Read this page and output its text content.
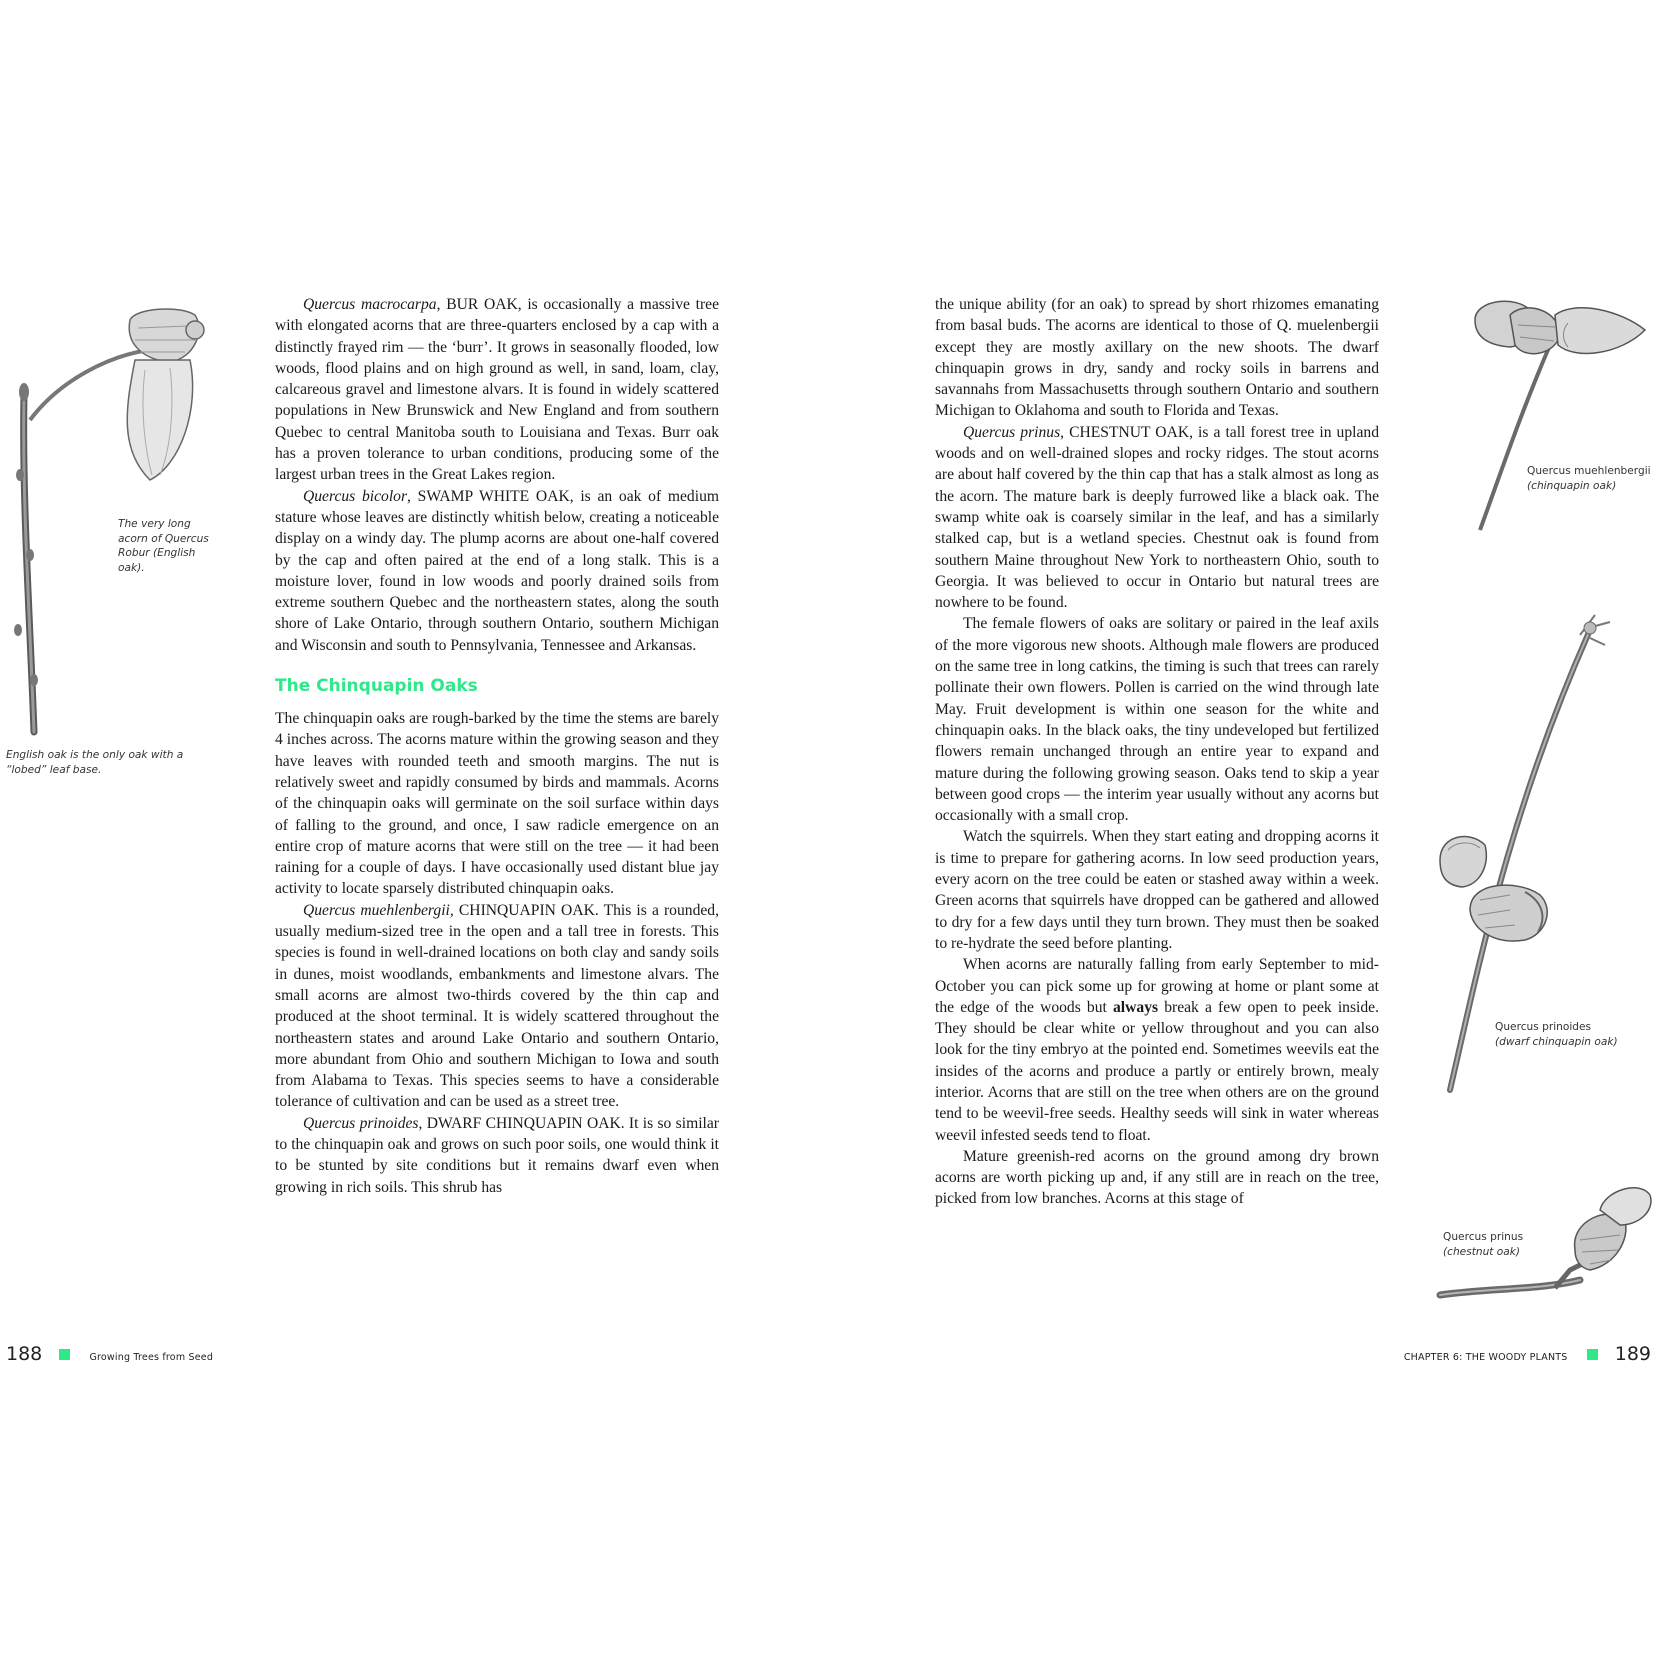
The very long acorn of Quercus Robur (English oak).
English oak is the only oak with a “lobed” leaf base.

Quercus macrocarpa, BUR OAK, is occasionally a massive tree with elongated acorns that are three-quarters enclosed by a cap with a distinctly frayed rim — the ‘burr’. It grows in seasonally flooded, low woods, flood plains and on high ground as well, in sand, loam, clay, calcareous gravel and limestone alvars. It is found in widely scattered populations in New Brunswick and New England and from southern Quebec to central Manitoba south to Louisiana and Texas. Burr oak has a proven tolerance to urban conditions, producing some of the largest urban trees in the Great Lakes region.

Quercus bicolor, SWAMP WHITE OAK, is an oak of medium stature whose leaves are distinctly whitish below, creating a noticeable display on a windy day. The plump acorns are about one-half covered by the cap and often paired at the end of a long stalk. This is a moisture lover, found in low woods and poorly drained soils from extreme southern Quebec and the northeastern states, along the south shore of Lake Ontario, through southern Ontario, southern Michigan and Wisconsin and south to Pennsylvania, Tennessee and Arkansas.

The Chinquapin Oaks

The chinquapin oaks are rough-barked by the time the stems are barely 4 inches across. The acorns mature within the growing season and they have leaves with rounded teeth and smooth margins. The nut is relatively sweet and rapidly consumed by birds and mammals. Acorns of the chinquapin oaks will germinate on the soil surface within days of falling to the ground, and once, I saw radicle emergence on an entire crop of mature acorns that were still on the tree — it had been raining for a couple of days. I have occasionally used distant blue jay activity to locate sparsely distributed chinquapin oaks.

Quercus muehlenbergii, CHINQUAPIN OAK. This is a rounded, usually medium-sized tree in the open and a tall tree in forests. This species is found in well-drained locations on both clay and sandy soils in dunes, moist woodlands, embankments and limestone alvars. The small acorns are almost two-thirds covered by the thin cap and produced at the shoot terminal. It is widely scattered throughout the northeastern states and around Lake Ontario and southern Ontario, more abundant from Ohio and southern Michigan to Iowa and south from Alabama to Texas. This species seems to have a considerable tolerance of cultivation and can be used as a street tree.

Quercus prinoides, DWARF CHINQUAPIN OAK. It is so similar to the chinquapin oak and grows on such poor soils, one would think it to be stunted by site conditions but it remains dwarf even when growing in rich soils. This shrub has

188	Growing Trees from Seed

the unique ability (for an oak) to spread by short rhizomes emanating from basal buds. The acorns are identical to those of Q. muelenbergii except they are mostly axillary on the new shoots. The dwarf chinquapin grows in dry, sandy and rocky soils in barrens and savannahs from Massachusetts through southern Ontario and southern Michigan to Oklahoma and south to Florida and Texas.

Quercus prinus, CHESTNUT OAK, is a tall forest tree in upland woods and on well-drained slopes and rocky ridges. The stout acorns are about half covered by the thin cap that has a stalk almost as long as the acorn. The mature bark is deeply furrowed like a black oak. The swamp white oak is coarsely similar in the leaf, and has a similarly stalked cap, but is a wetland species. Chestnut oak is found from southern Maine throughout New York to northeastern Ohio, south to Georgia. It was believed to occur in Ontario but natural trees are nowhere to be found.

The female flowers of oaks are solitary or paired in the leaf axils of the more vigorous new shoots. Although male flowers are produced on the same tree in long catkins, the timing is such that trees can rarely pollinate their own flowers. Pollen is carried on the wind through late May. Fruit development is within one season for the white and chinquapin oaks. In the black oaks, the tiny undeveloped but fertilized flowers remain unchanged through an entire year to expand and mature during the following growing season. Oaks tend to skip a year between good crops — the interim year usually without any acorns but occasionally with a small crop.

Watch the squirrels. When they start eating and dropping acorns it is time to prepare for gathering acorns. In low seed production years, every acorn on the tree could be eaten or stashed away within a week. Green acorns that squirrels have dropped can be gathered and allowed to dry for a few days until they turn brown. They must then be soaked to re-hydrate the seed before planting.

When acorns are naturally falling from early September to mid-October you can pick some up for growing at home or plant some at the edge of the woods but always break a few open to peek inside. They should be clear white or yellow throughout and you can also look for the tiny embryo at the pointed end. Sometimes weevils eat the insides of the acorns and produce a partly or entirely brown, mealy interior. Acorns that are still on the tree when others are on the ground tend to be weevil-free seeds. Healthy seeds will sink in water whereas weevil infested seeds tend to float.

Mature greenish-red acorns on the ground among dry brown acorns are worth picking up and, if any still are in reach on the tree, picked from low branches. Acorns at this stage of

Quercus muehlenbergii
(chinquapin oak)
Quercus prinoides
(dwarf chinquapin oak)
Quercus prinus
(chestnut oak)
CHAPTER 6: THE WOODY PLANTS 189
